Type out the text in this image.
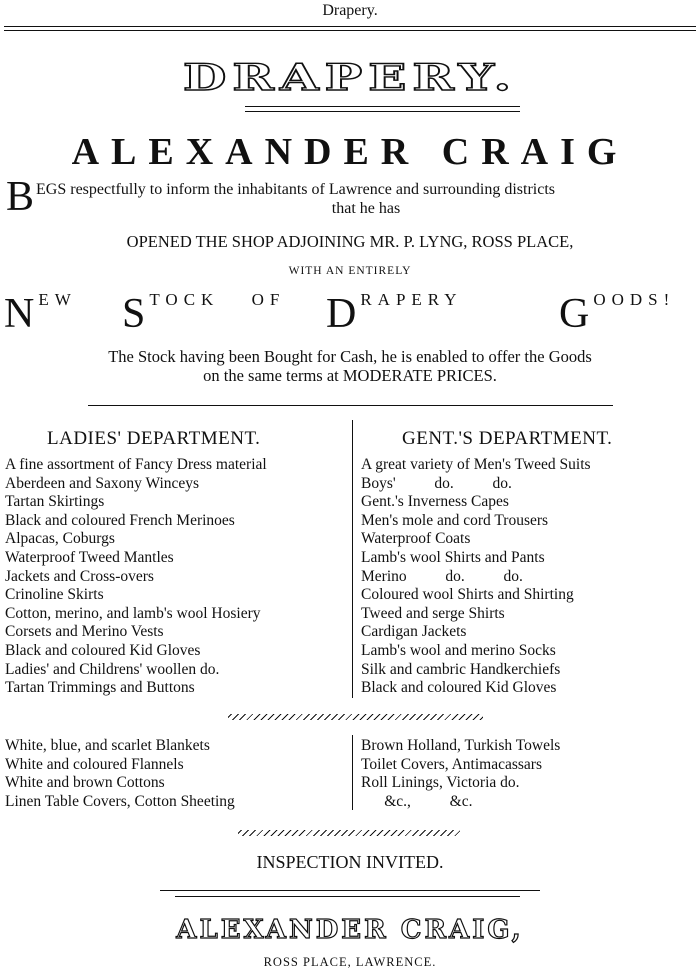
Drapery.
DRAPERY.
ALEXANDER CRAIG
B EGS respectfully to inform the inhabitants of Lawrence and surrounding districts
that he has
OPENED THE SHOP ADJOINING MR. P. LYNG, ROSS PLACE,
WITH AN ENTIRELY
NEW STOCK OF DRAPERY GOODS!
The Stock having been Bought for Cash, he is enabled to offer the Goods
on the same terms at MODERATE PRICES.
LADIES' DEPARTMENT.	GENT.'S DEPARTMENT.
A fine assortment of Fancy Dress material
Aberdeen and Saxony Winceys
Tartan Skirtings
Black and coloured French Merinoes
Alpacas, Coburgs
Waterproof Tweed Mantles
Jackets and Cross-overs
Crinoline Skirts
Cotton, merino, and lamb's wool Hosiery
Corsets and Merino Vests
Black and coloured Kid Gloves
Ladies' and Childrens' woollen do.
Tartan Trimmings and Buttons
A great variety of Men's Tweed Suits
Boys'          do.          do.
Gent.'s Inverness Capes
Men's mole and cord Trousers
Waterproof Coats
Lamb's wool Shirts and Pants
Merino          do.          do.
Coloured wool Shirts and Shirting
Tweed and serge Shirts
Cardigan Jackets
Lamb's wool and merino Socks
Silk and cambric Handkerchiefs
Black and coloured Kid Gloves
White, blue, and scarlet Blankets
White and coloured Flannels
White and brown Cottons
Linen Table Covers, Cotton Sheeting
Brown Holland, Turkish Towels
Toilet Covers, Antimacassars
Roll Linings, Victoria do.
&c.,          &c.
INSPECTION INVITED.
ALEXANDER CRAIG,
ROSS PLACE, LAWRENCE.
